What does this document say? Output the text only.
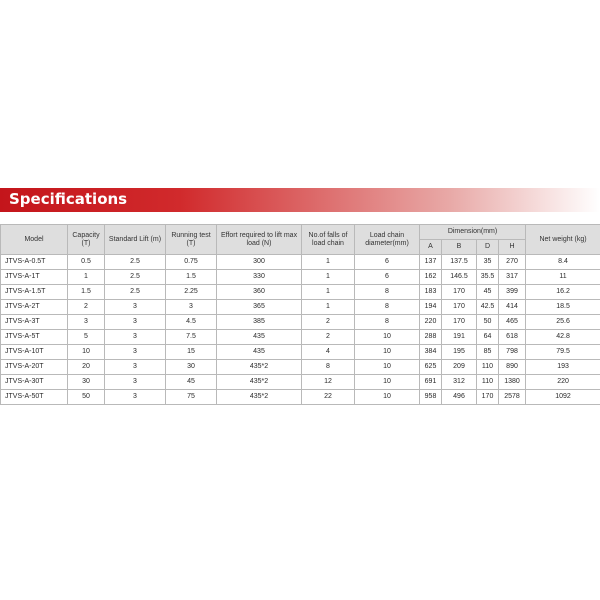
Specifications
Model	Capacity (T)	Standard Lift (m)	Running test (T)	Effort required to lift max load (N)	No.of falls of load chain	Load chain diameter(mm)	Dimension(mm)				Net weight (kg)
							A	B	D	H	
JTVS-A-0.5T	0.5	2.5	0.75	300	1	6	137	137.5	35	270	8.4
JTVS-A-1T	1	2.5	1.5	330	1	6	162	146.5	35.5	317	11
JTVS-A-1.5T	1.5	2.5	2.25	360	1	8	183	170	45	399	16.2
JTVS-A-2T	2	3	3	365	1	8	194	170	42.5	414	18.5
JTVS-A-3T	3	3	4.5	385	2	8	220	170	50	465	25.6
JTVS-A-5T	5	3	7.5	435	2	10	288	191	64	618	42.8
JTVS-A-10T	10	3	15	435	4	10	384	195	85	798	79.5
JTVS-A-20T	20	3	30	435*2	8	10	625	209	110	890	193
JTVS-A-30T	30	3	45	435*2	12	10	691	312	110	1380	220
JTVS-A-50T	50	3	75	435*2	22	10	958	496	170	2578	1092
